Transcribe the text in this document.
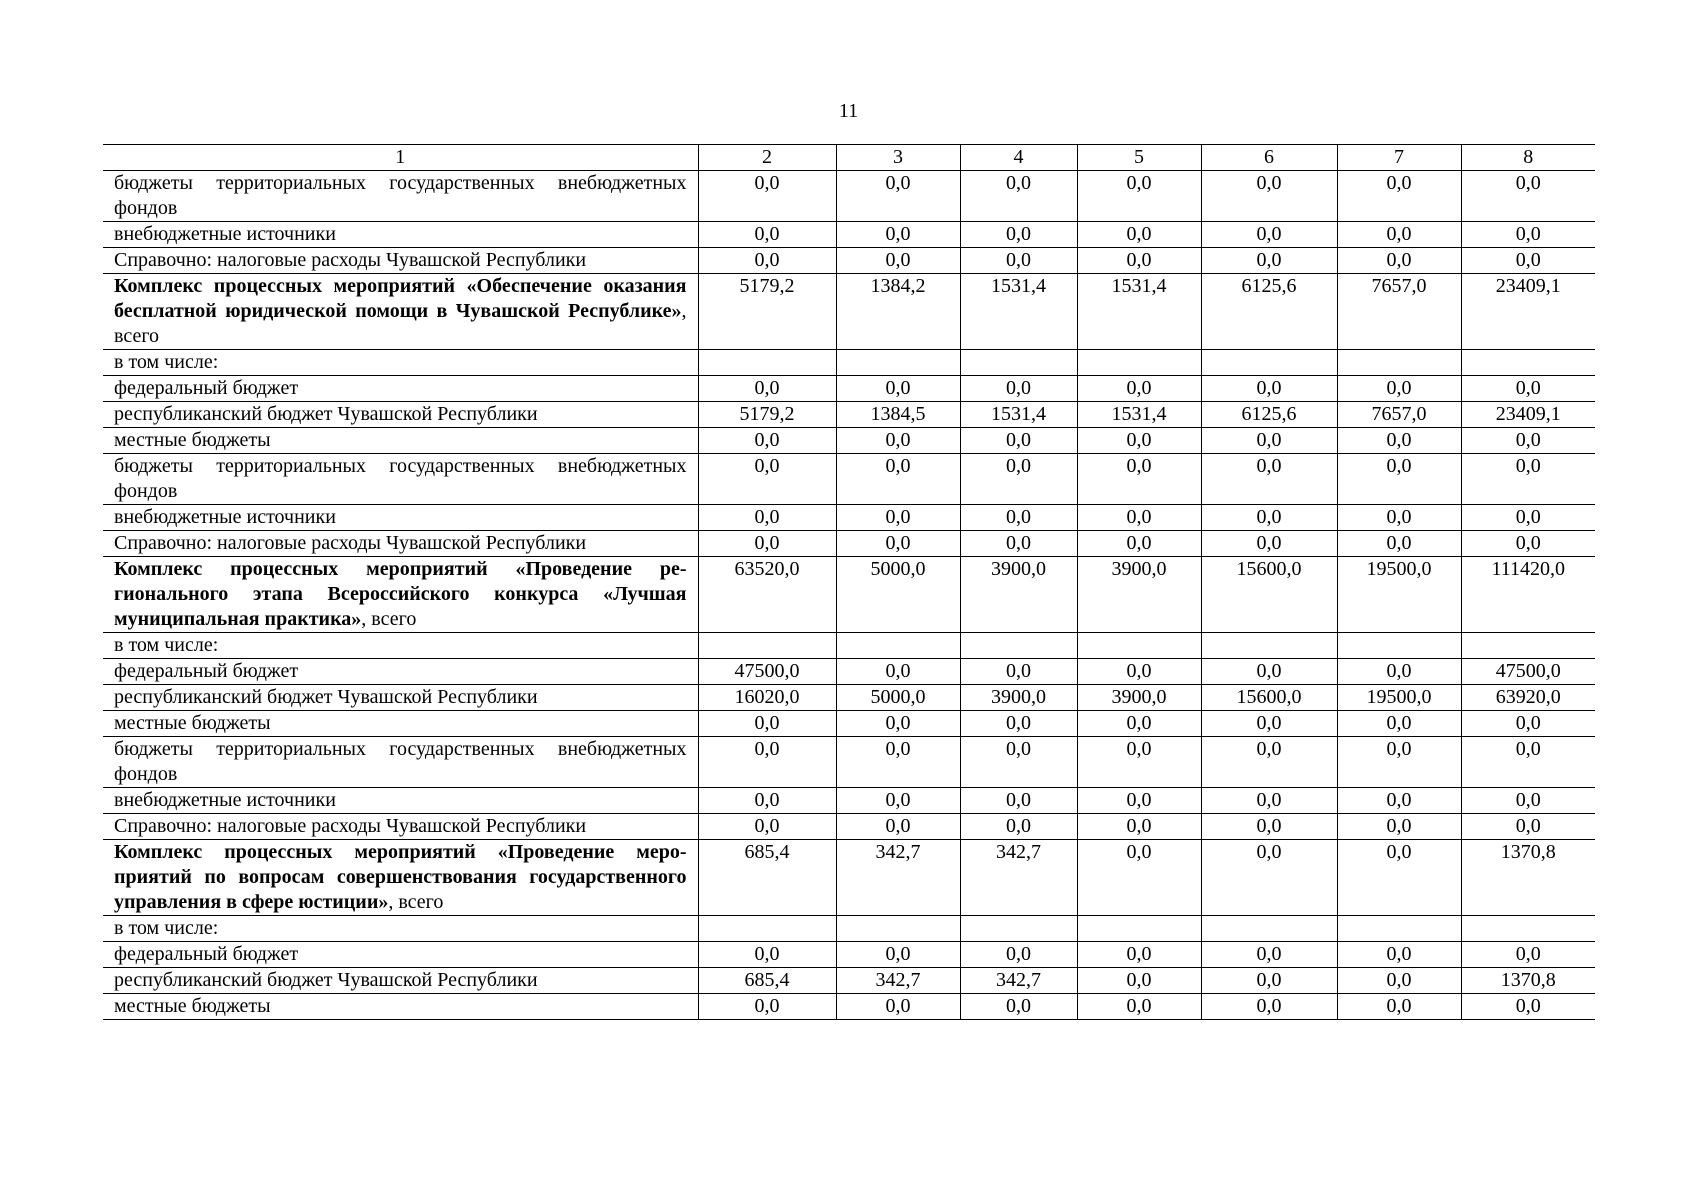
11
1	2	3	4	5	6	7	8
бюджеты территориальных государственных внебюджетных фондов	0,0	0,0	0,0	0,0	0,0	0,0	0,0
внебюджетные источники	0,0	0,0	0,0	0,0	0,0	0,0	0,0
Справочно: налоговые расходы Чувашской Республики	0,0	0,0	0,0	0,0	0,0	0,0	0,0
Комплекс процессных мероприятий «Обеспечение оказания бесплатной юридической помощи в Чувашской Республике», всего	5179,2	1384,2	1531,4	1531,4	6125,6	7657,0	23409,1
в том числе:							
федеральный бюджет	0,0	0,0	0,0	0,0	0,0	0,0	0,0
республиканский бюджет Чувашской Республики	5179,2	1384,5	1531,4	1531,4	6125,6	7657,0	23409,1
местные бюджеты	0,0	0,0	0,0	0,0	0,0	0,0	0,0
бюджеты территориальных государственных внебюджетных фондов	0,0	0,0	0,0	0,0	0,0	0,0	0,0
внебюджетные источники	0,0	0,0	0,0	0,0	0,0	0,0	0,0
Справочно: налоговые расходы Чувашской Республики	0,0	0,0	0,0	0,0	0,0	0,0	0,0
Комплекс процессных мероприятий «Проведение регионального этапа Всероссийского конкурса «Лучшая муниципальная практика», всего	63520,0	5000,0	3900,0	3900,0	15600,0	19500,0	111420,0
в том числе:							
федеральный бюджет	47500,0	0,0	0,0	0,0	0,0	0,0	47500,0
республиканский бюджет Чувашской Республики	16020,0	5000,0	3900,0	3900,0	15600,0	19500,0	63920,0
местные бюджеты	0,0	0,0	0,0	0,0	0,0	0,0	0,0
бюджеты территориальных государственных внебюджетных фондов	0,0	0,0	0,0	0,0	0,0	0,0	0,0
внебюджетные источники	0,0	0,0	0,0	0,0	0,0	0,0	0,0
Справочно: налоговые расходы Чувашской Республики	0,0	0,0	0,0	0,0	0,0	0,0	0,0
Комплекс процессных мероприятий «Проведение мероприятий по вопросам совершенствования государственного управления в сфере юстиции», всего	685,4	342,7	342,7	0,0	0,0	0,0	1370,8
в том числе:							
федеральный бюджет	0,0	0,0	0,0	0,0	0,0	0,0	0,0
республиканский бюджет Чувашской Республики	685,4	342,7	342,7	0,0	0,0	0,0	1370,8
местные бюджеты	0,0	0,0	0,0	0,0	0,0	0,0	0,0
